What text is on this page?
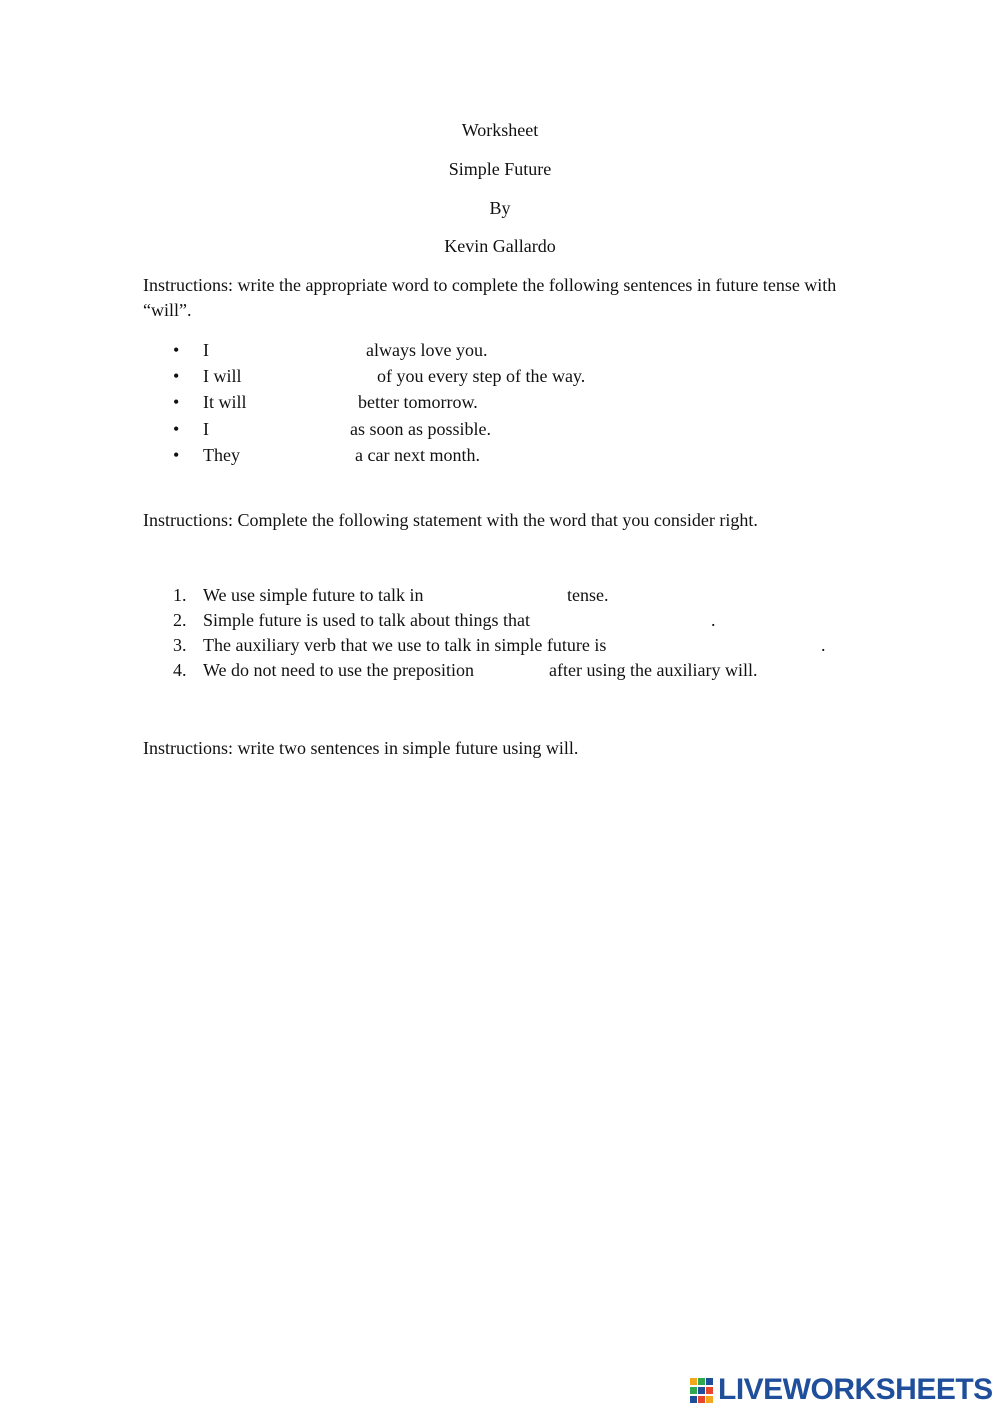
Worksheet
Simple Future
By
Kevin Gallardo
Instructions: write the appropriate word to complete the following sentences in future tense with “will”.
• I	always love you.
• I will	of you every step of the way.
• It will	better tomorrow.
• I	as soon as possible.
• They	a car next month.
Instructions: Complete the following statement with the word that you consider right.
1. We use simple future to talk in	tense.
2. Simple future is used to talk about things that	.
3. The auxiliary verb that we use to talk in simple future is	.
4. We do not need to use the preposition	after using the auxiliary will.
Instructions: write two sentences in simple future using will.
LIVEWORKSHEETS
